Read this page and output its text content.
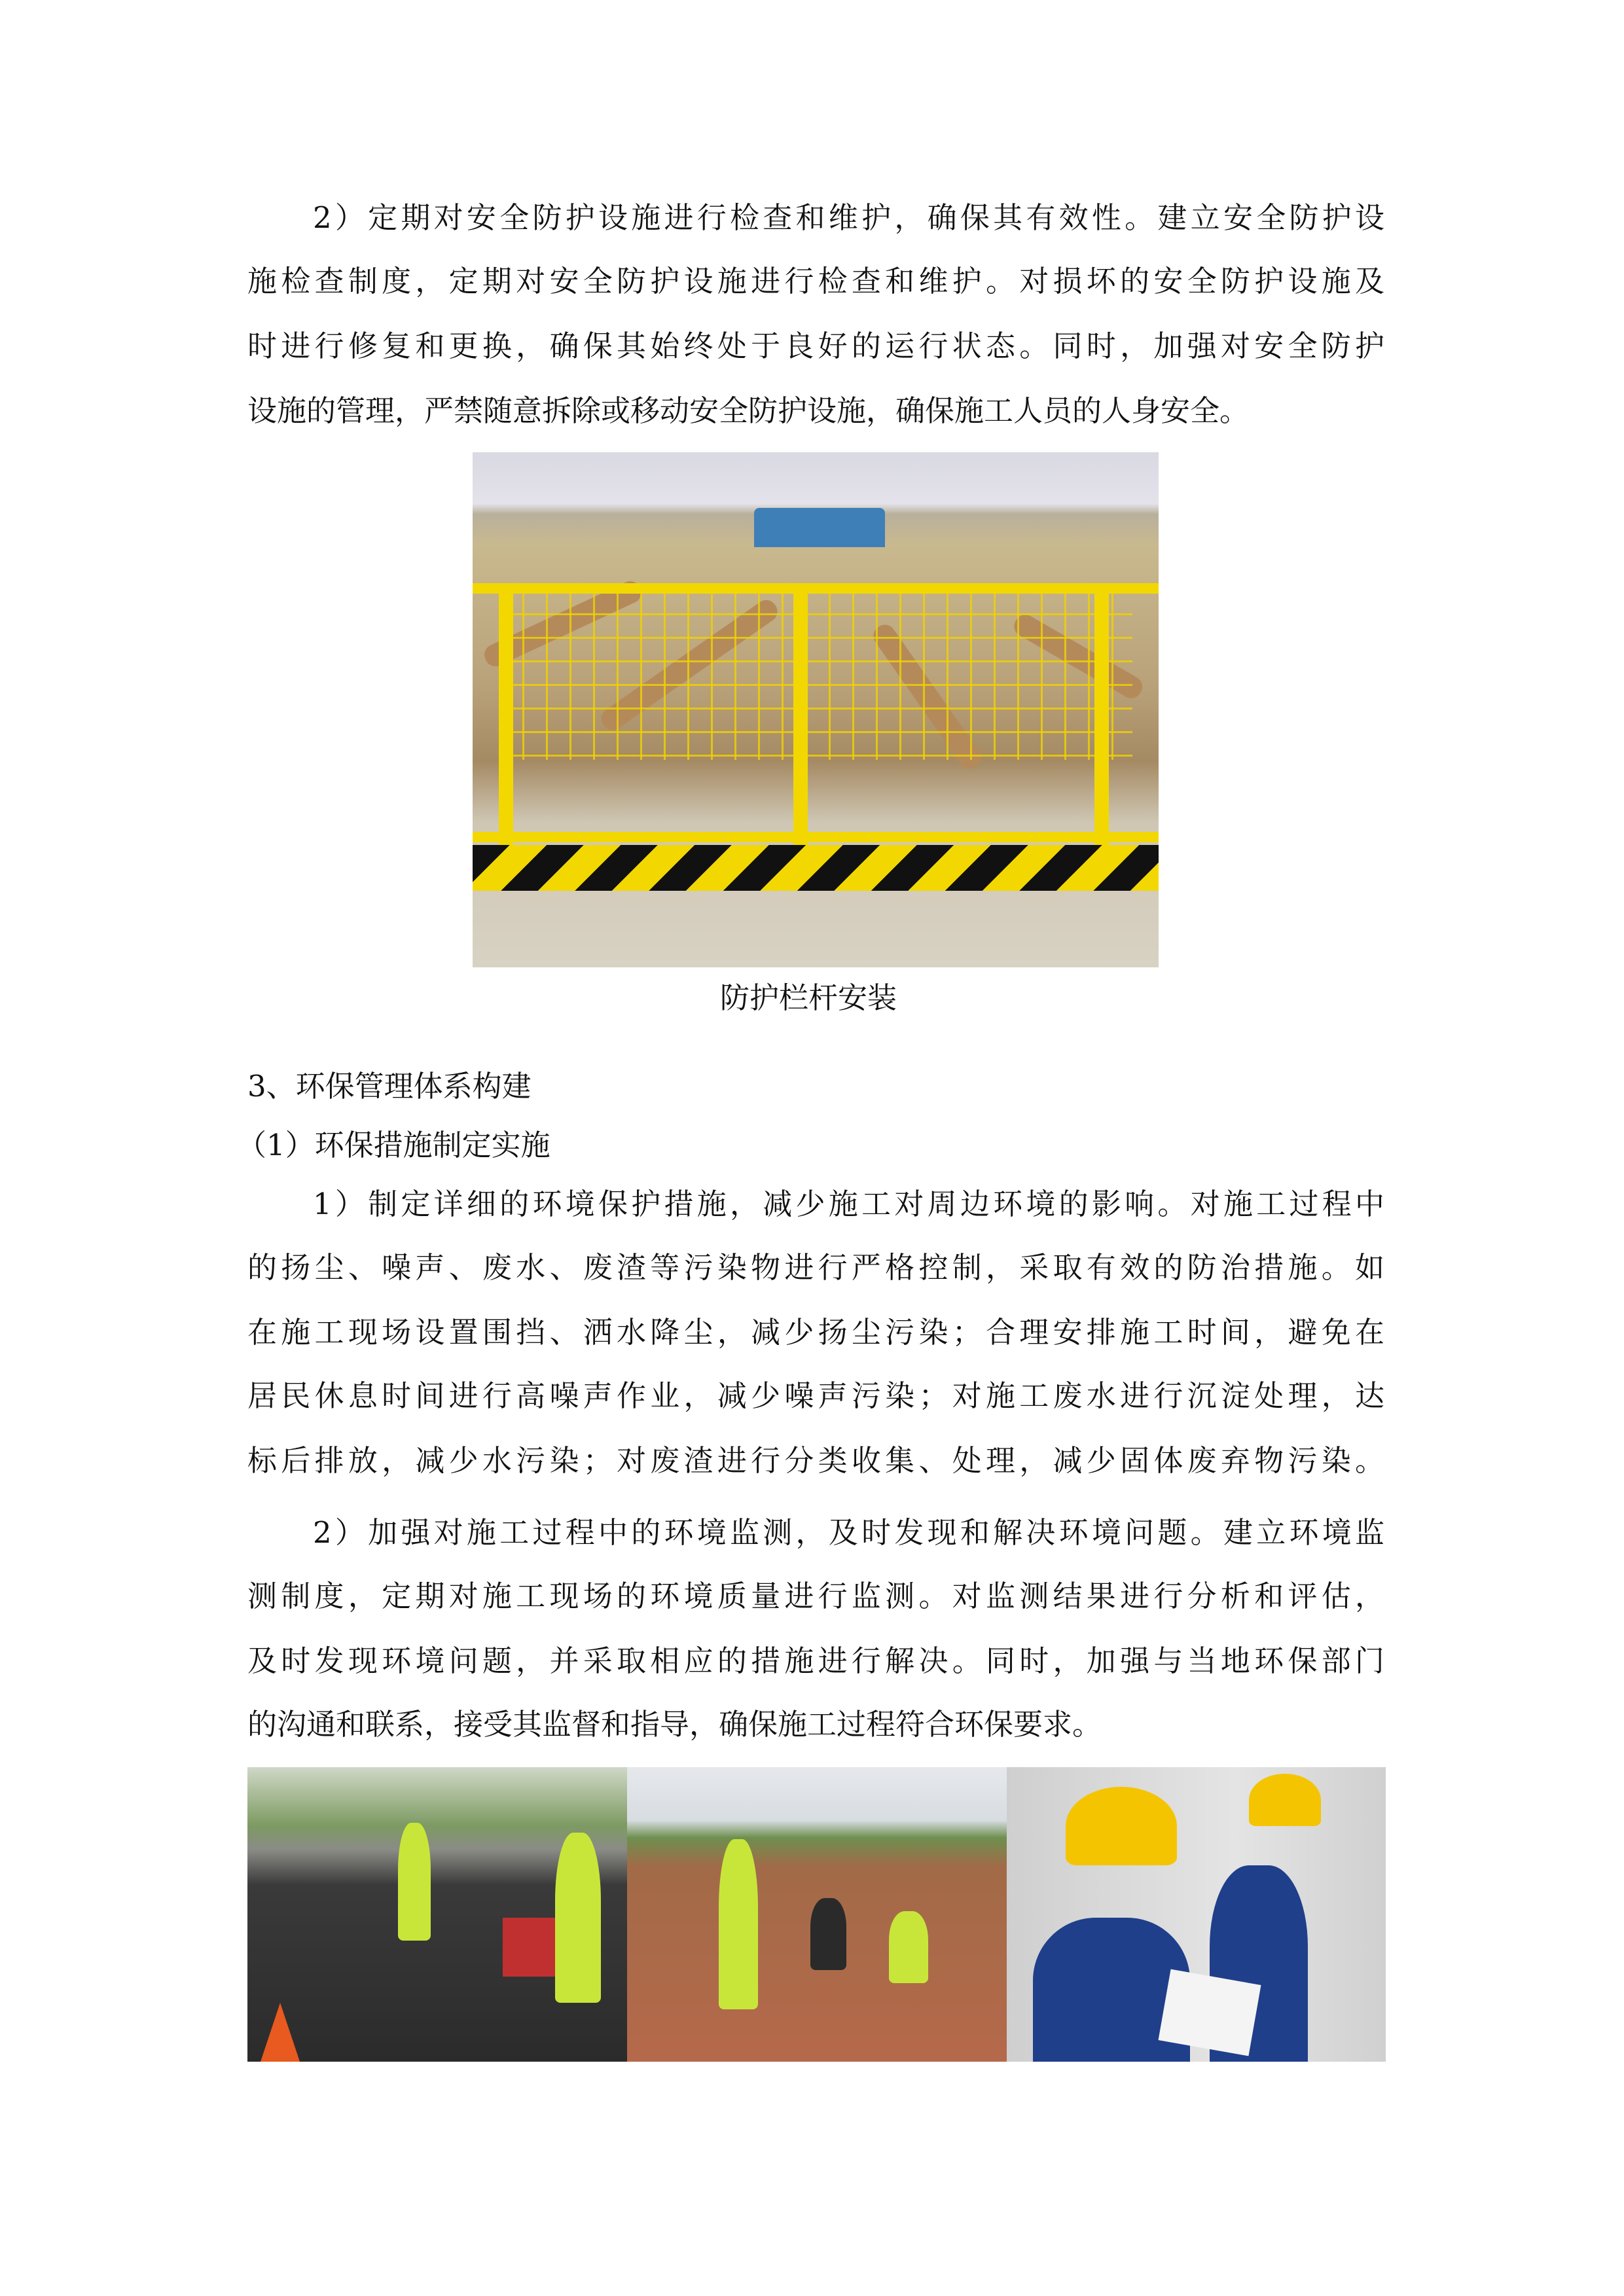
2）定期对安全防护设施进行检查和维护，确保其有效性。建立安全防护设
施检查制度，定期对安全防护设施进行检查和维护。对损坏的安全防护设施及
时进行修复和更换，确保其始终处于良好的运行状态。同时，加强对安全防护
设施的管理，严禁随意拆除或移动安全防护设施，确保施工人员的人身安全。
防护栏杆安装
3、环保管理体系构建
（1）环保措施制定实施
1）制定详细的环境保护措施，减少施工对周边环境的影响。对施工过程中
的扬尘、噪声、废水、废渣等污染物进行严格控制，采取有效的防治措施。如
在施工现场设置围挡、洒水降尘，减少扬尘污染；合理安排施工时间，避免在
居民休息时间进行高噪声作业，减少噪声污染；对施工废水进行沉淀处理，达
标后排放，减少水污染；对废渣进行分类收集、处理，减少固体废弃物污染。
2）加强对施工过程中的环境监测，及时发现和解决环境问题。建立环境监
测制度，定期对施工现场的环境质量进行监测。对监测结果进行分析和评估，
及时发现环境问题，并采取相应的措施进行解决。同时，加强与当地环保部门
的沟通和联系，接受其监督和指导，确保施工过程符合环保要求。
